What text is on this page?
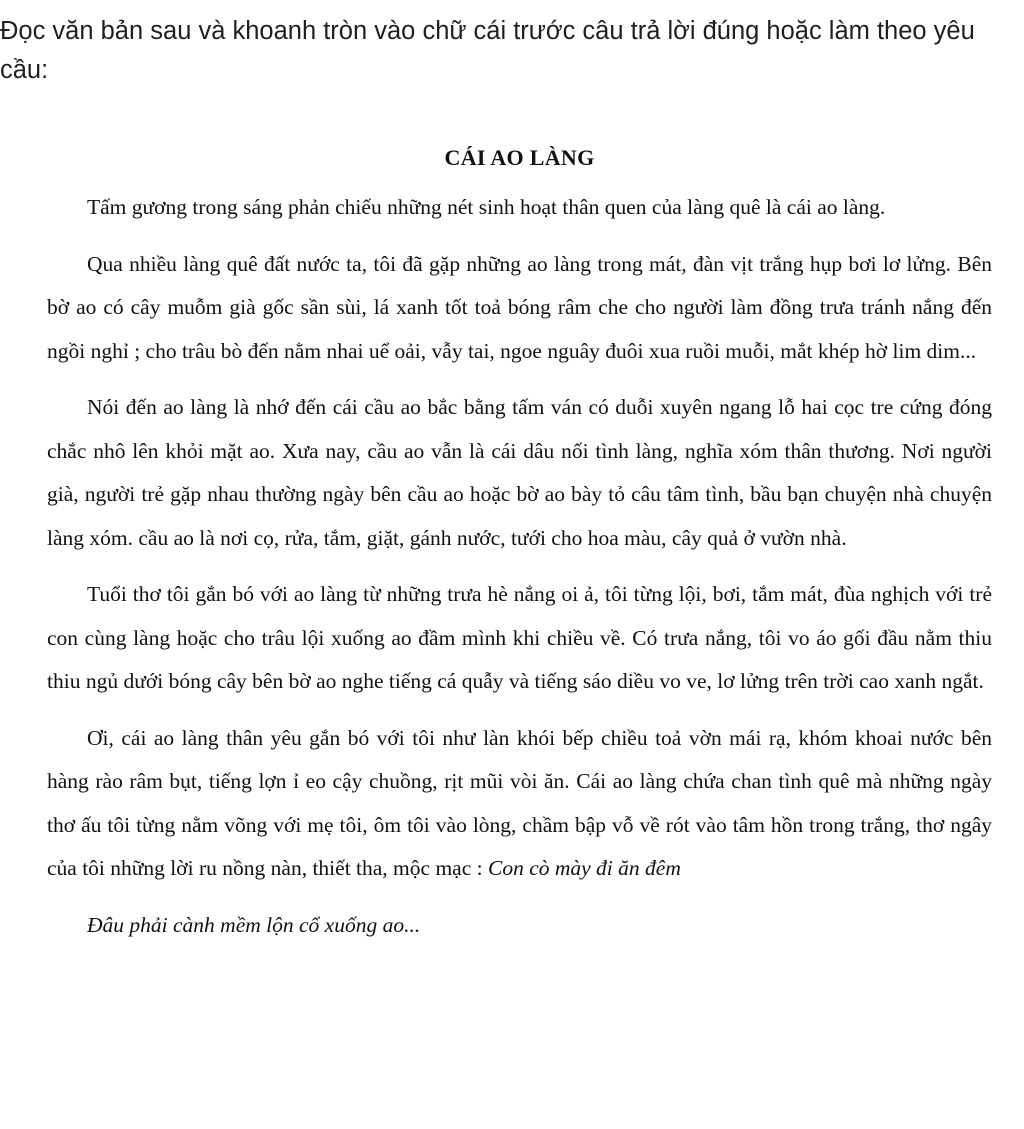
Đọc văn bản sau và khoanh tròn vào chữ cái trước câu trả lời đúng hoặc làm theo yêu cầu:

CÁI AO LÀNG

Tấm gương trong sáng phản chiếu những nét sinh hoạt thân quen của làng quê là cái ao làng.

Qua nhiều làng quê đất nước ta, tôi đã gặp những ao làng trong mát, đàn vịt trắng hụp bơi lơ lửng. Bên bờ ao có cây muỗm già gốc sần sùi, lá xanh tốt toả bóng râm che cho người làm đồng trưa tránh nắng đến ngồi nghỉ ; cho trâu bò đến nằm nhai uể oải, vẫy tai, ngoe nguây đuôi xua ruồi muỗi, mắt khép hờ lim dim...

Nói đến ao làng là nhớ đến cái cầu ao bắc bằng tấm ván có duỗi xuyên ngang lỗ hai cọc tre cứng đóng chắc nhô lên khỏi mặt ao. Xưa nay, cầu ao vẫn là cái dâu nối tình làng, nghĩa xóm thân thương. Nơi người già, người trẻ gặp nhau thường ngày bên cầu ao hoặc bờ ao bày tỏ câu tâm tình, bầu bạn chuyện nhà chuyện làng xóm. cầu ao là nơi cọ, rửa, tắm, giặt, gánh nước, tưới cho hoa màu, cây quả ở vườn nhà.

Tuổi thơ tôi gắn bó với ao làng từ những trưa hè nắng oi ả, tôi từng lội, bơi, tắm mát, đùa nghịch với trẻ con cùng làng hoặc cho trâu lội xuống ao đầm mình khi chiều về. Có trưa nắng, tôi vo áo gối đầu nằm thiu thiu ngủ dưới bóng cây bên bờ ao nghe tiếng cá quẫy và tiếng sáo diều vo ve, lơ lửng trên trời cao xanh ngắt.

Ơi, cái ao làng thân yêu gắn bó với tôi như làn khói bếp chiều toả vờn mái rạ, khóm khoai nước bên hàng rào râm bụt, tiếng lợn ỉ eo cậy chuồng, rịt mũi vòi ăn. Cái ao làng chứa chan tình quê mà những ngày thơ ấu tôi từng nằm võng với mẹ tôi, ôm tôi vào lòng, chầm bập vỗ về rót vào tâm hồn trong trắng, thơ ngây của tôi những lời ru nồng nàn, thiết tha, mộc mạc : Con cò mày đi ăn đêm

Đâu phải cành mềm lộn cổ xuống ao...
